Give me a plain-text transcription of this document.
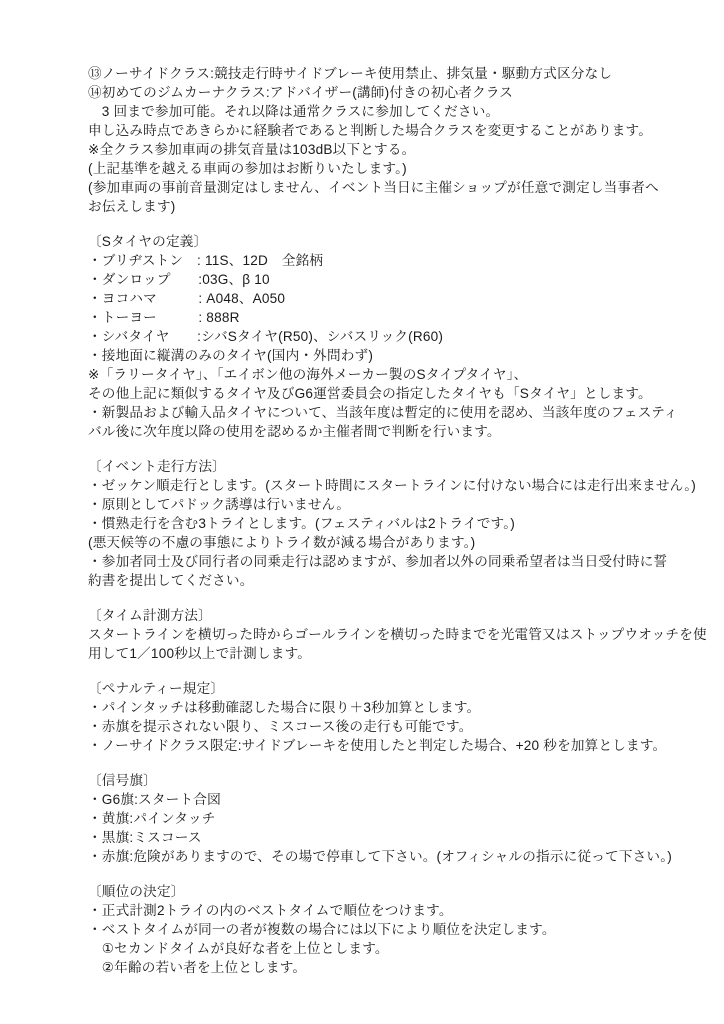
⑬ノーサイドクラス:競技走行時サイドブレーキ使用禁止、排気量・駆動方式区分なし
⑭初めてのジムカーナクラス:アドバイザー(講師)付きの初心者クラス
　3 回まで参加可能。それ以降は通常クラスに参加してください。
申し込み時点であきらかに経験者であると判断した場合クラスを変更することがあります。
※全クラス参加車両の排気音量は103dB以下とする。
(上記基準を越える車両の参加はお断りいたします。)
(参加車両の事前音量測定はしません、イベント当日に主催ショップが任意で測定し当事者へ
お伝えします)
〔Sタイヤの定義〕
・ブリヂストン　: 11S、12D　全銘柄
・ダンロップ　　:03G、β 10
・ヨコハマ　　　: A048、A050
・トーヨー　　　: 888R
・シバタイヤ　　:シバSタイヤ(R50)、シバスリック(R60)
・接地面に縦溝のみのタイヤ(国内・外問わず)
※「ラリータイヤ」、「エイボン他の海外メーカー製のSタイプタイヤ」、
その他上記に類似するタイヤ及びG6運営委員会の指定したタイヤも「Sタイヤ」とします。
・新製品および輸入品タイヤについて、当該年度は暫定的に使用を認め、当該年度のフェスティ
バル後に次年度以降の使用を認めるか主催者間で判断を行います。
〔イベント走行方法〕
・ゼッケン順走行とします。(スタート時間にスタートラインに付けない場合には走行出来ません。)
・原則としてパドック誘導は行いません。
・慣熟走行を含む3トライとします。(フェスティバルは2トライです。)
(悪天候等の不慮の事態によりトライ数が減る場合があります。)
・参加者同士及び同行者の同乗走行は認めますが、参加者以外の同乗希望者は当日受付時に誓
約書を提出してください。
〔タイム計測方法〕
スタートラインを横切った時からゴールラインを横切った時までを光電管又はストップウオッチを使
用して1／100秒以上で計測します。
〔ペナルティー規定〕
・パインタッチは移動確認した場合に限り＋3秒加算とします。
・赤旗を提示されない限り、ミスコース後の走行も可能です。
・ノーサイドクラス限定:サイドブレーキを使用したと判定した場合、+20 秒を加算とします。
〔信号旗〕
・G6旗:スタート合図
・黄旗:パインタッチ
・黒旗:ミスコース
・赤旗:危険がありますので、その場で停車して下さい。(オフィシャルの指示に従って下さい。)
〔順位の決定〕
・正式計測2トライの内のベストタイムで順位をつけます。
・ベストタイムが同一の者が複数の場合には以下により順位を決定します。
　①セカンドタイムが良好な者を上位とします。
　②年齢の若い者を上位とします。
